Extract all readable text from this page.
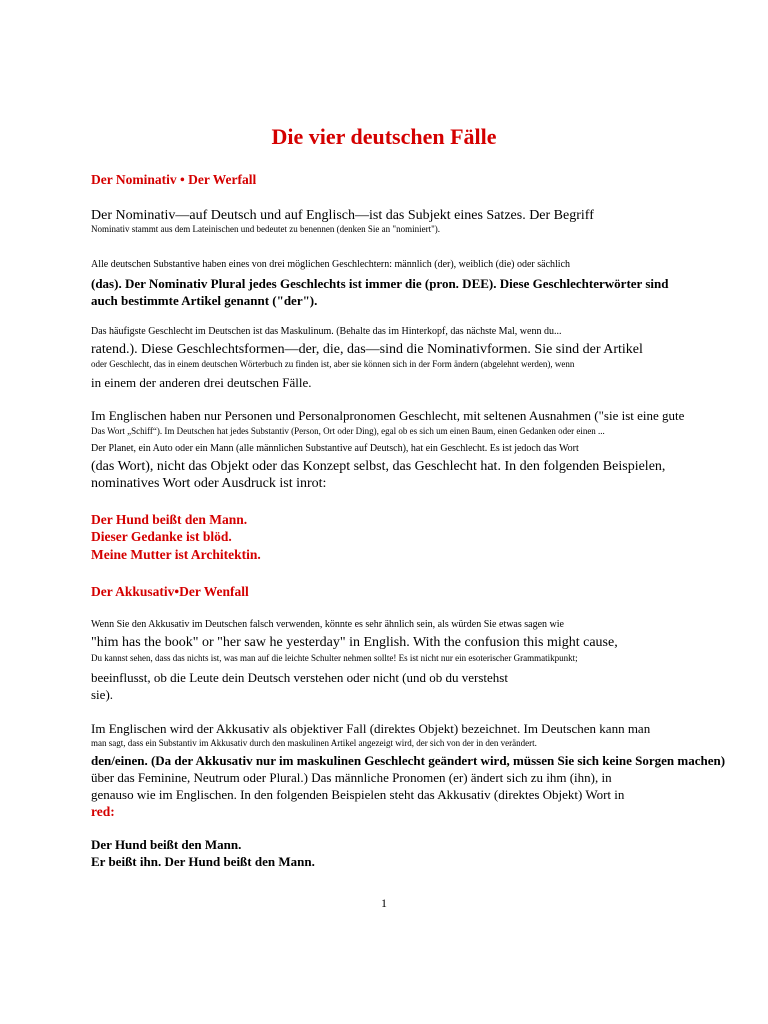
Die vier deutschen Fälle
Der Nominativ • Der Werfall
Der Nominativ—auf Deutsch und auf Englisch—ist das Subjekt eines Satzes. Der Begriff
Nominativ stammt aus dem Lateinischen und bedeutet zu benennen (denken Sie an "nominiert").
Alle deutschen Substantive haben eines von drei möglichen Geschlechtern: männlich (der), weiblich (die) oder sächlich
(das). Der Nominativ Plural jedes Geschlechts ist immer die (pron. DEE). Diese Geschlechterwörter sind
auch bestimmte Artikel genannt ("der").
Das häufigste Geschlecht im Deutschen ist das Maskulinum. (Behalte das im Hinterkopf, das nächste Mal, wenn du...
ratend.). Diese Geschlechtsformen—der, die, das—sind die Nominativformen. Sie sind der Artikel
oder Geschlecht, das in einem deutschen Wörterbuch zu finden ist, aber sie können sich in der Form ändern (abgelehnt werden), wenn
in einem der anderen drei deutschen Fälle.
Im Englischen haben nur Personen und Personalpronomen Geschlecht, mit seltenen Ausnahmen ("sie ist eine gute
Das Wort „Schiff“). Im Deutschen hat jedes Substantiv (Person, Ort oder Ding), egal ob es sich um einen Baum, einen Gedanken oder einen ...
Der Planet, ein Auto oder ein Mann (alle männlichen Substantive auf Deutsch), hat ein Geschlecht. Es ist jedoch das Wort
(das Wort), nicht das Objekt oder das Konzept selbst, das Geschlecht hat. In den folgenden Beispielen,
nominatives Wort oder Ausdruck ist inrot:
Der Hund beißt den Mann.
Dieser Gedanke ist blöd.
Meine Mutter ist Architektin.
Der Akkusativ•Der Wenfall
Wenn Sie den Akkusativ im Deutschen falsch verwenden, könnte es sehr ähnlich sein, als würden Sie etwas sagen wie
"him has the book" or "her saw he yesterday" in English. With the confusion this might cause,
Du kannst sehen, dass das nichts ist, was man auf die leichte Schulter nehmen sollte! Es ist nicht nur ein esoterischer Grammatikpunkt;
beeinflusst, ob die Leute dein Deutsch verstehen oder nicht (und ob du verstehst
sie).
Im Englischen wird der Akkusativ als objektiver Fall (direktes Objekt) bezeichnet. Im Deutschen kann man
man sagt, dass ein Substantiv im Akkusativ durch den maskulinen Artikel angezeigt wird, der sich von der in den verändert.
den/einen. (Da der Akkusativ nur im maskulinen Geschlecht geändert wird, müssen Sie sich keine Sorgen machen)
über das Feminine, Neutrum oder Plural.) Das männliche Pronomen (er) ändert sich zu ihm (ihn), in
genauso wie im Englischen. In den folgenden Beispielen steht das Akkusativ (direktes Objekt) Wort in
red:
Der Hund beißt den Mann.
Er beißt ihn. Der Hund beißt den Mann.
1
